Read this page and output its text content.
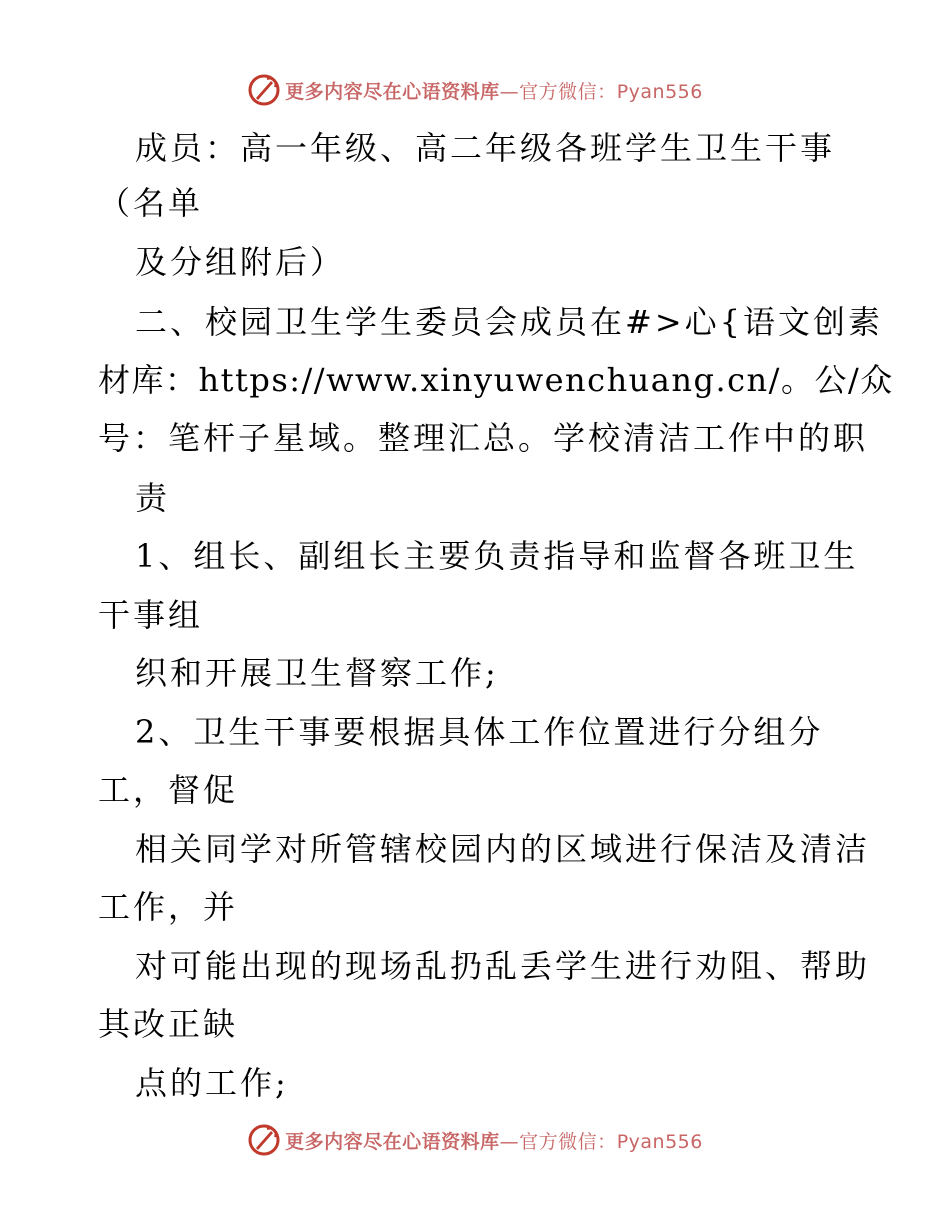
更多内容尽在心语资料库—官方微信：Pyan556
成员：高一年级、高二年级各班学生卫生干事
（名单
及分组附后）
二、校园卫生学生委员会成员在#>心{语文创素
材库：https://www.xinyuwenchuang.cn/。公/众
号：笔杆子星域。整理汇总。学校清洁工作中的职
责
1、组长、副组长主要负责指导和监督各班卫生
干事组
织和开展卫生督察工作;
2、卫生干事要根据具体工作位置进行分组分
工，督促
相关同学对所管辖校园内的区域进行保洁及清洁
工作，并
对可能出现的现场乱扔乱丢学生进行劝阻、帮助
其改正缺
点的工作;
更多内容尽在心语资料库—官方微信：Pyan556
